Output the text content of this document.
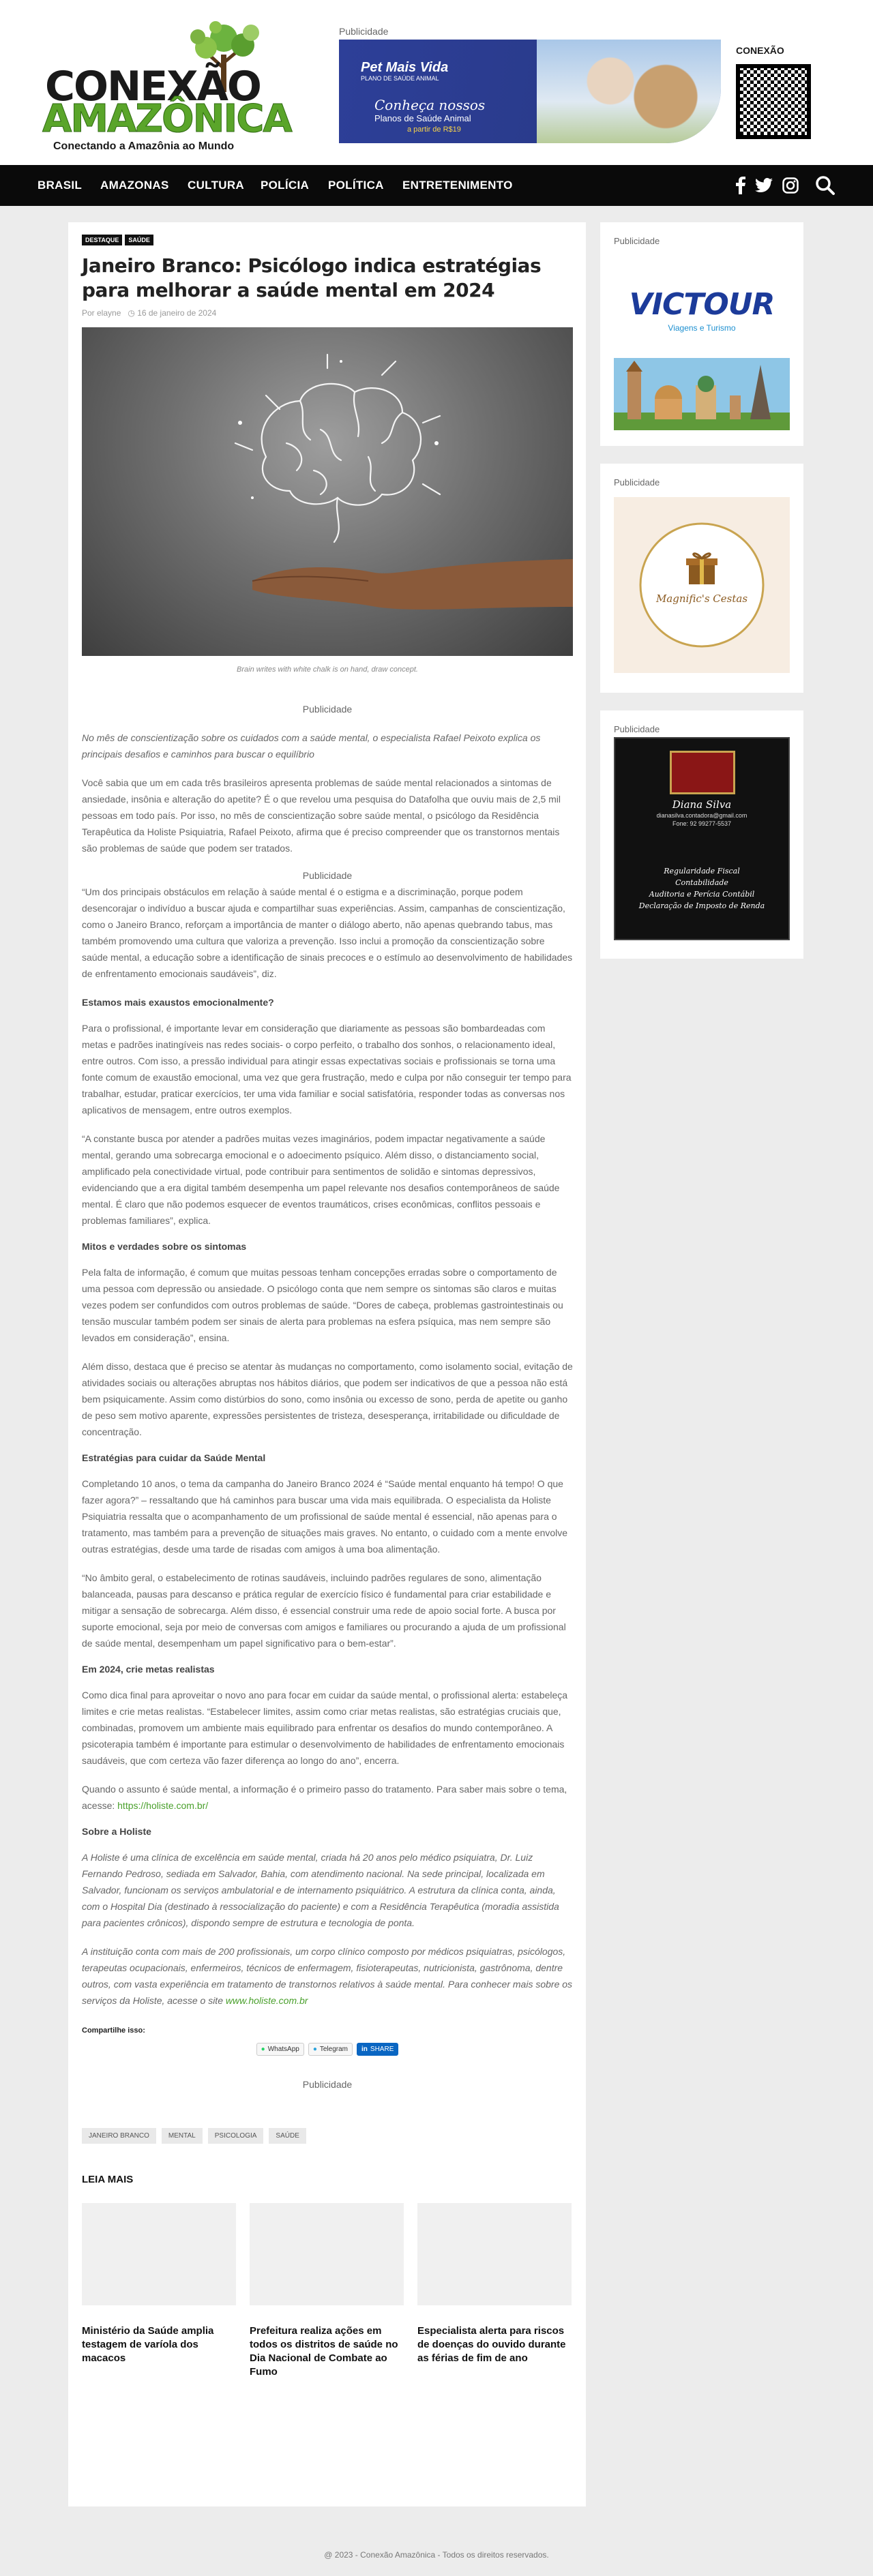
CONEXÃO
AMAZÔNICA
Conectando a Amazônia ao Mundo
Publicidade
Pet Mais Vida
PLANO DE SAÚDE ANIMAL
Conheça nossos
Planos de Saúde Animal
a partir de R$19
CONEXÃO
BRASIL AMAZONAS CULTURA POLÍCIA POLÍTICA ENTRETENIMENTO
DESTAQUE	SAÚDE
Janeiro Branco: Psicólogo indica estratégias para melhorar a saúde mental em 2024
Por elayne ◷ 16 de janeiro de 2024
Brain writes with white chalk is on hand, draw concept.
Publicidade

No mês de conscientização sobre os cuidados com a saúde mental, o especialista Rafael Peixoto explica os principais desafios e caminhos para buscar o equilíbrio

Você sabia que um em cada três brasileiros apresenta problemas de saúde mental relacionados a sintomas de ansiedade, insônia e alteração do apetite? É o que revelou uma pesquisa do Datafolha que ouviu mais de 2,5 mil pessoas em todo país. Por isso, no mês de conscientização sobre saúde mental, o psicólogo da Residência Terapêutica da Holiste Psiquiatria, Rafael Peixoto, afirma que é preciso compreender que os transtornos mentais são problemas de saúde que podem ser tratados.

Publicidade

“Um dos principais obstáculos em relação à saúde mental é o estigma e a discriminação, porque podem desencorajar o indivíduo a buscar ajuda e compartilhar suas experiências. Assim, campanhas de conscientização, como o Janeiro Branco, reforçam a importância de manter o diálogo aberto, não apenas quebrando tabus, mas também promovendo uma cultura que valoriza a prevenção. Isso inclui a promoção da conscientização sobre saúde mental, a educação sobre a identificação de sinais precoces e o estímulo ao desenvolvimento de habilidades de enfrentamento emocionais saudáveis”, diz.

Estamos mais exaustos emocionalmente?

Para o profissional, é importante levar em consideração que diariamente as pessoas são bombardeadas com metas e padrões inatingíveis nas redes sociais- o corpo perfeito, o trabalho dos sonhos, o relacionamento ideal, entre outros. Com isso, a pressão individual para atingir essas expectativas sociais e profissionais se torna uma fonte comum de exaustão emocional, uma vez que gera frustração, medo e culpa por não conseguir ter tempo para trabalhar, estudar, praticar exercícios, ter uma vida familiar e social satisfatória, responder todas as conversas nos aplicativos de mensagem, entre outros exemplos.

“A constante busca por atender a padrões muitas vezes imaginários, podem impactar negativamente a saúde mental, gerando uma sobrecarga emocional e o adoecimento psíquico. Além disso, o distanciamento social, amplificado pela conectividade virtual, pode contribuir para sentimentos de solidão e sintomas depressivos, evidenciando que a era digital também desempenha um papel relevante nos desafios contemporâneos de saúde mental. É claro que não podemos esquecer de eventos traumáticos, crises econômicas, conflitos pessoais e problemas familiares”, explica.

Mitos e verdades sobre os sintomas

Pela falta de informação, é comum que muitas pessoas tenham concepções erradas sobre o comportamento de uma pessoa com depressão ou ansiedade. O psicólogo conta que nem sempre os sintomas são claros e muitas vezes podem ser confundidos com outros problemas de saúde. “Dores de cabeça, problemas gastrointestinais ou tensão muscular também podem ser sinais de alerta para problemas na esfera psíquica, mas nem sempre são levados em consideração”, ensina.

Além disso, destaca que é preciso se atentar às mudanças no comportamento, como isolamento social, evitação de atividades sociais ou alterações abruptas nos hábitos diários, que podem ser indicativos de que a pessoa não está bem psiquicamente. Assim como distúrbios do sono, como insônia ou excesso de sono, perda de apetite ou ganho de peso sem motivo aparente, expressões persistentes de tristeza, desesperança, irritabilidade ou dificuldade de concentração.

Estratégias para cuidar da Saúde Mental

Completando 10 anos, o tema da campanha do Janeiro Branco 2024 é “Saúde mental enquanto há tempo! O que fazer agora?” – ressaltando que há caminhos para buscar uma vida mais equilibrada. O especialista da Holiste Psiquiatria ressalta que o acompanhamento de um profissional de saúde mental é essencial, não apenas para o tratamento, mas também para a prevenção de situações mais graves. No entanto, o cuidado com a mente envolve outras estratégias, desde uma tarde de risadas com amigos à uma boa alimentação.

“No âmbito geral, o estabelecimento de rotinas saudáveis, incluindo padrões regulares de sono, alimentação balanceada, pausas para descanso e prática regular de exercício físico é fundamental para criar estabilidade e mitigar a sensação de sobrecarga. Além disso, é essencial construir uma rede de apoio social forte. A busca por suporte emocional, seja por meio de conversas com amigos e familiares ou procurando a ajuda de um profissional de saúde mental, desempenham um papel significativo para o bem-estar”.

Em 2024, crie metas realistas

Como dica final para aproveitar o novo ano para focar em cuidar da saúde mental, o profissional alerta: estabeleça limites e crie metas realistas. “Estabelecer limites, assim como criar metas realistas, são estratégias cruciais que, combinadas, promovem um ambiente mais equilibrado para enfrentar os desafios do mundo contemporâneo. A psicoterapia também é importante para estimular o desenvolvimento de habilidades de enfrentamento emocionais saudáveis, que com certeza vão fazer diferença ao longo do ano”, encerra.

Quando o assunto é saúde mental, a informação é o primeiro passo do tratamento. Para saber mais sobre o tema, acesse: https://holiste.com.br/

Sobre a Holiste

A Holiste é uma clínica de excelência em saúde mental, criada há 20 anos pelo médico psiquiatra, Dr. Luiz Fernando Pedroso, sediada em Salvador, Bahia, com atendimento nacional. Na sede principal, localizada em Salvador, funcionam os serviços ambulatorial e de internamento psiquiátrico. A estrutura da clínica conta, ainda, com o Hospital Dia (destinado à ressocialização do paciente) e com a Residência Terapêutica (moradia assistida para pacientes crônicos), dispondo sempre de estrutura e tecnologia de ponta.

A instituição conta com mais de 200 profissionais, um corpo clínico composto por médicos psiquiatras, psicólogos, terapeutas ocupacionais, enfermeiros, técnicos de enfermagem, fisioterapeutas, nutricionista, gastrônoma, dentre outros, com vasta experiência em tratamento de transtornos relativos à saúde mental. Para conhecer mais sobre os serviços da Holiste, acesse o site www.holiste.com.br

Compartilhe isso:
● WhatsApp ● Telegram in SHARE
Publicidade
JANEIRO BRANCO	MENTAL	PSICOLOGIA	SAÚDE
LEIA MAIS
Ministério da Saúde amplia testagem de varíola dos macacos
Prefeitura realiza ações em todos os distritos de saúde no Dia Nacional de Combate ao Fumo
Especialista alerta para riscos de doenças do ouvido durante as férias de fim de ano
Publicidade
VICTOUR
Viagens e Turismo
Publicidade
Magnific's Cestas
Publicidade
Diana Silva
dianasilva.contadora@gmail.com
Fone: 92 99277-5537
Regularidade Fiscal
Contabilidade
Auditoria e Perícia Contábil
Declaração de Imposto de Renda
@ 2023 - Conexão Amazônica - Todos os direitos reservados.
